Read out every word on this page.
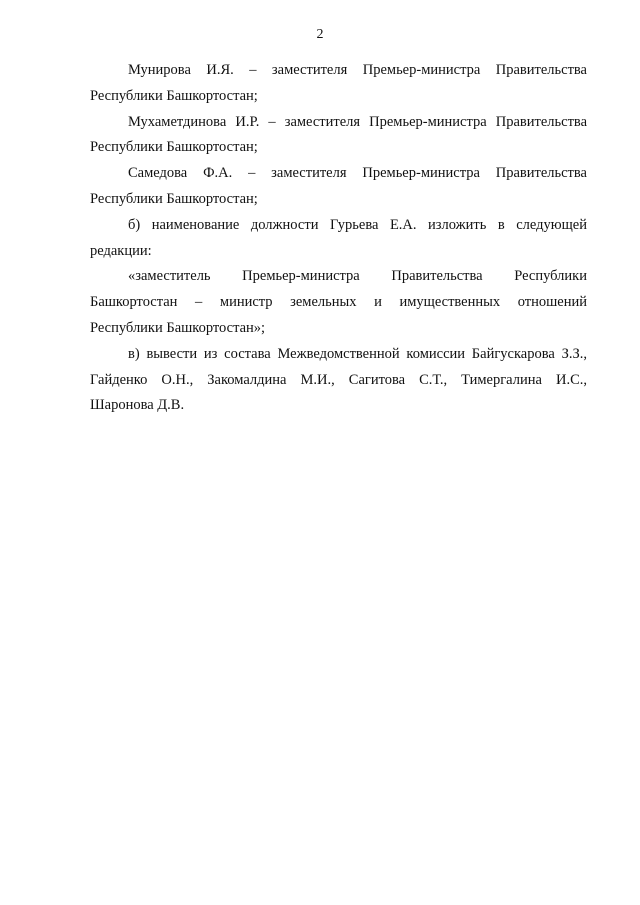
2

Мунирова И.Я. – заместителя Премьер-министра Правительства
Республики Башкортостан;

Мухаметдинова И.Р. – заместителя Премьер-министра Правительства
Республики Башкортостан;

Самедова Ф.А. – заместителя Премьер-министра Правительства
Республики Башкортостан;

б) наименование должности Гурьева Е.А. изложить в следующей
редакции:

«заместитель Премьер-министра Правительства Республики
Башкортостан – министр земельных и имущественных отношений
Республики Башкортостан»;

в) вывести из состава Межведомственной комиссии Байгускарова З.З.,
Гайденко О.Н., Закомалдина М.И., Сагитова С.Т., Тимергалина И.С.,
Шаронова Д.В.
